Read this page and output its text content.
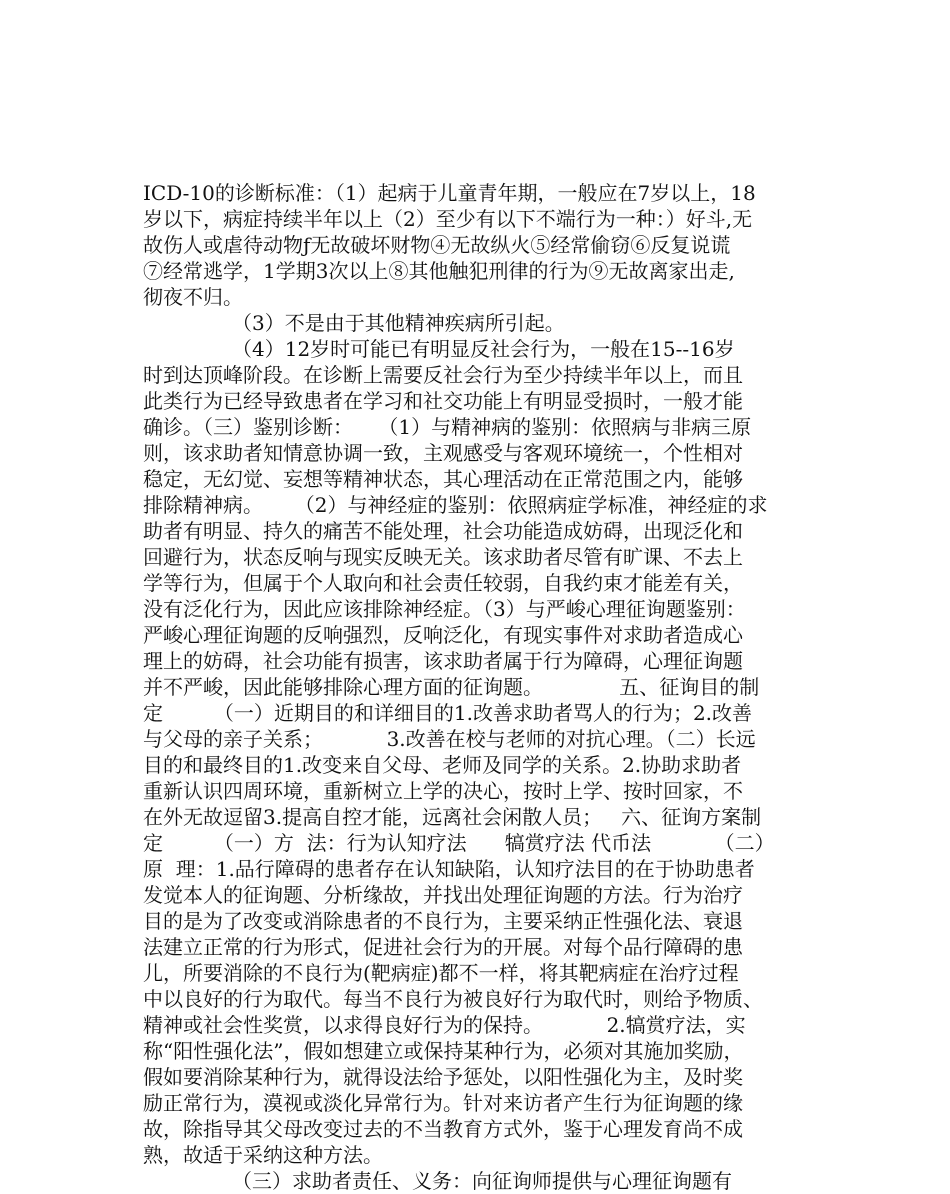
ICD-10的诊断标准：（1）起病于儿童青年期，一般应在7岁以上，18
岁以下，病症持续半年以上（2）至少有以下不端行为一种：）好斗,无
故伤人或虐待动物ƒ无故破坏财物④无故纵火⑤经常偷窃⑥反复说谎
⑦经常逃学，1学期3次以上⑧其他触犯刑律的行为⑨无故离家出走,
彻夜不归。
（3）不是由于其他精神疾病所引起。
（4）12岁时可能已有明显反社会行为，一般在15--16岁
时到达顶峰阶段。在诊断上需要反社会行为至少持续半年以上，而且
此类行为已经导致患者在学习和社交功能上有明显受损时，一般才能
确诊。（三）鉴别诊断：    （1）与精神病的鉴别：依照病与非病三原
则，该求助者知情意协调一致，主观感受与客观环境统一，个性相对
稳定，无幻觉、妄想等精神状态，其心理活动在正常范围之内，能够
排除精神病。     （2）与神经症的鉴别：依照病症学标准，神经症的求
助者有明显、持久的痛苦不能处理，社会功能造成妨碍，出现泛化和
回避行为，状态反响与现实反映无关。该求助者尽管有旷课、不去上
学等行为，但属于个人取向和社会责任较弱，自我约束才能差有关，
没有泛化行为，因此应该排除神经症。（3）与严峻心理征询题鉴别：
严峻心理征询题的反响强烈，反响泛化，有现实事件对求助者造成心
理上的妨碍，社会功能有损害，该求助者属于行为障碍，心理征询题
并不严峻，因此能够排除心理方面的征询题。            五、征询目的制
定        （一）近期目的和详细目的1.改善求助者骂人的行为；2.改善
与父母的亲子关系；          3.改善在校与老师的对抗心理。（二）长远
目的和最终目的1.改变来自父母、老师及同学的关系。2.协助求助者
重新认识四周环境，重新树立上学的决心，按时上学、按时回家，不
在外无故逗留3.提高自控才能，远离社会闲散人员；   六、征询方案制
定        （一）方  法：行为认知疗法      犒赏疗法 代币法          （二）
原  理：1.品行障碍的患者存在认知缺陷，认知疗法目的在于协助患者
发觉本人的征询题、分析缘故，并找出处理征询题的方法。行为治疗
目的是为了改变或消除患者的不良行为，主要采纳正性强化法、衰退
法建立正常的行为形式，促进社会行为的开展。对每个品行障碍的患
儿，所要消除的不良行为(靶病症)都不一样，将其靶病症在治疗过程
中以良好的行为取代。每当不良行为被良好行为取代时，则给予物质、
精神或社会性奖赏，以求得良好行为的保持。          2.犒赏疗法，实
称“阳性强化法”，假如想建立或保持某种行为，必须对其施加奖励，
假如要消除某种行为，就得设法给予惩处，以阳性强化为主，及时奖
励正常行为，漠视或淡化异常行为。针对来访者产生行为征询题的缘
故，除指导其父母改变过去的不当教育方式外，鉴于心理发育尚不成
熟，故适于采纳这种方法。
（三）求助者责任、义务：向征询师提供与心理征询题有
